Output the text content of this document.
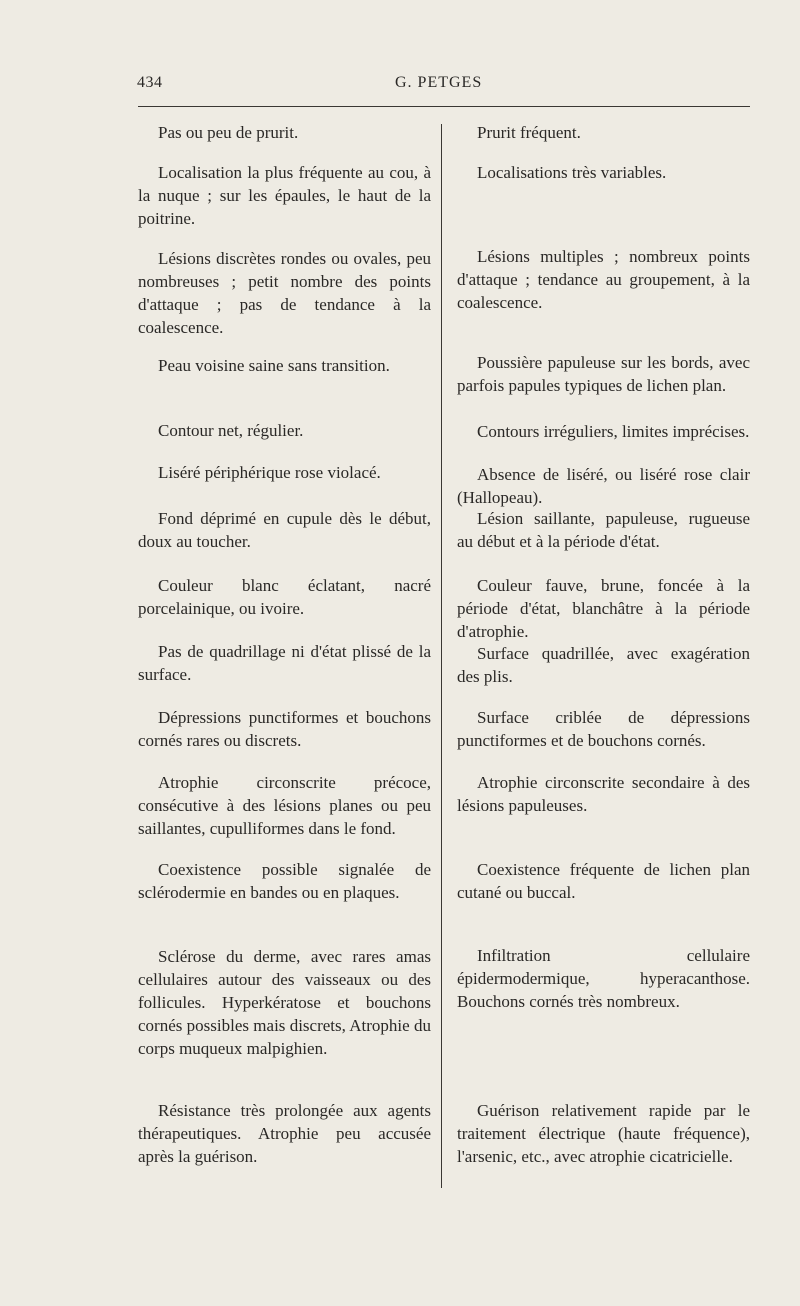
434	G. PETGES

Pas ou peu de prurit.

Localisation la plus fréquente au cou, à la nuque ; sur les épaules, le haut de la poitrine.

Lésions discrètes rondes ou ovales, peu nombreuses ; petit nombre des points d'attaque ; pas de tendance à la coalescence.

Peau voisine saine sans transition.

Contour net, régulier.

Liséré périphérique rose violacé.

Fond déprimé en cupule dès le début, doux au toucher.

Couleur blanc éclatant, nacré porcelainique, ou ivoire.

Pas de quadrillage ni d'état plissé de la surface.

Dépressions punctiformes et bouchons cornés rares ou discrets.

Atrophie circonscrite précoce, consécutive à des lésions planes ou peu saillantes, cupulliformes dans le fond.

Coexistence possible signalée de sclérodermie en bandes ou en plaques.

Sclérose du derme, avec rares amas cellulaires autour des vaisseaux ou des follicules. Hyperkératose et bouchons cornés possibles mais discrets, Atrophie du corps muqueux malpighien.

Résistance très prolongée aux agents thérapeutiques. Atrophie peu accusée après la guérison.

Prurit fréquent.

Localisations très variables.

Lésions multiples ; nombreux points d'attaque ; tendance au groupement, à la coalescence.

Poussière papuleuse sur les bords, avec parfois papules typiques de lichen plan.

Contours irréguliers, limites imprécises.

Absence de liséré, ou liséré rose clair (Hallopeau).

Lésion saillante, papuleuse, rugueuse au début et à la période d'état.

Couleur fauve, brune, foncée à la période d'état, blanchâtre à la période d'atrophie.

Surface quadrillée, avec exagération des plis.

Surface criblée de dépressions punctiformes et de bouchons cornés.

Atrophie circonscrite secondaire à des lésions papuleuses.

Coexistence fréquente de lichen plan cutané ou buccal.

Infiltration cellulaire épidermodermique, hyperacanthose. Bouchons cornés très nombreux.

Guérison relativement rapide par le traitement électrique (haute fréquence), l'arsenic, etc., avec atrophie cicatricielle.
